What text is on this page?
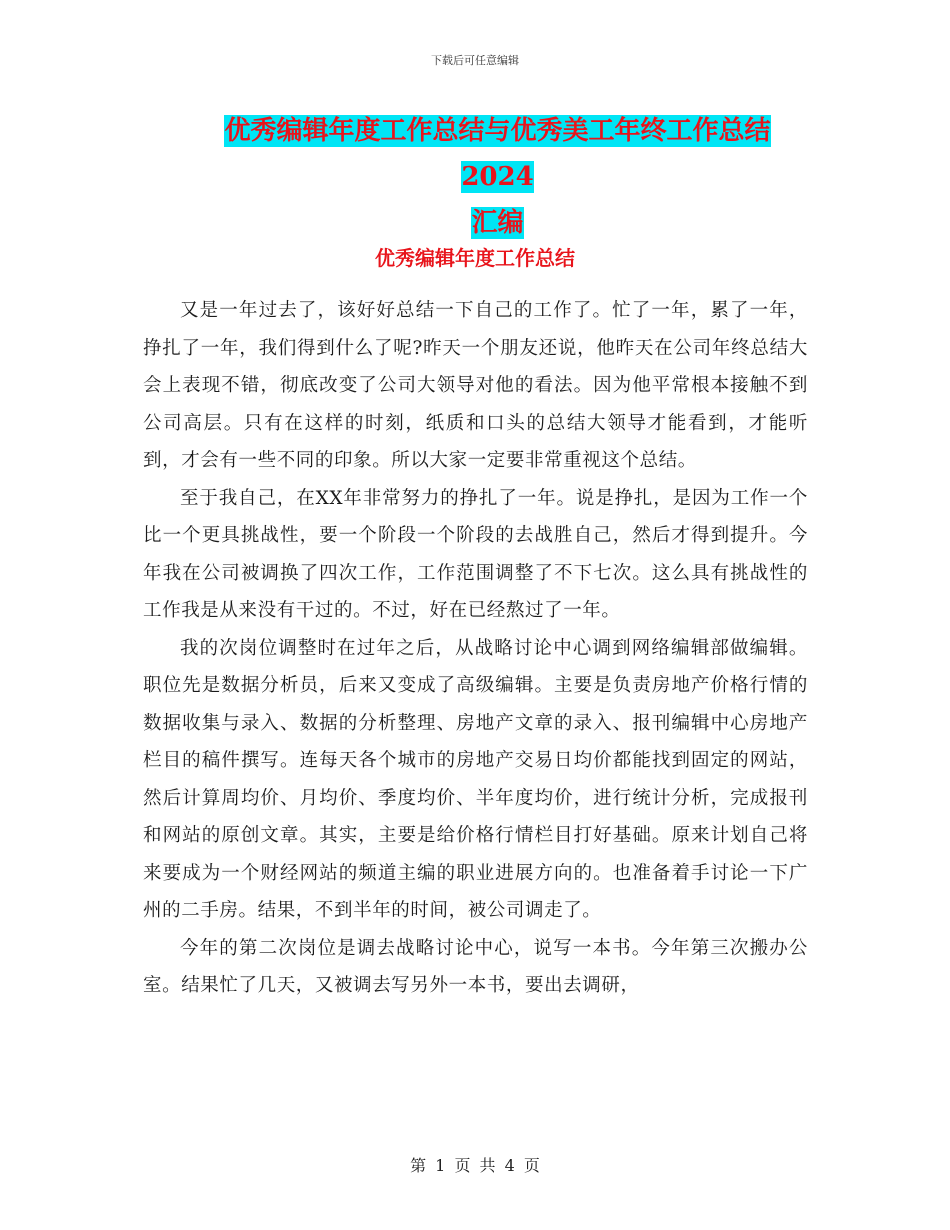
下载后可任意编辑
优秀编辑年度工作总结与优秀美工年终工作总结2024
汇编
优秀编辑年度工作总结

又是一年过去了，该好好总结一下自己的工作了。忙了一年，累了一年，挣扎了一年，我们得到什么了呢?昨天一个朋友还说，他昨天在公司年终总结大会上表现不错，彻底改变了公司大领导对他的看法。因为他平常根本接触不到公司高层。只有在这样的时刻，纸质和口头的总结大领导才能看到，才能听到，才会有一些不同的印象。所以大家一定要非常重视这个总结。

至于我自己，在XX年非常努力的挣扎了一年。说是挣扎，是因为工作一个比一个更具挑战性，要一个阶段一个阶段的去战胜自己，然后才得到提升。今年我在公司被调换了四次工作，工作范围调整了不下七次。这么具有挑战性的工作我是从来没有干过的。不过，好在已经熬过了一年。

我的次岗位调整时在过年之后，从战略讨论中心调到网络编辑部做编辑。职位先是数据分析员，后来又变成了高级编辑。主要是负责房地产价格行情的数据收集与录入、数据的分析整理、房地产文章的录入、报刊编辑中心房地产栏目的稿件撰写。连每天各个城市的房地产交易日均价都能找到固定的网站，然后计算周均价、月均价、季度均价、半年度均价，进行统计分析，完成报刊和网站的原创文章。其实，主要是给价格行情栏目打好基础。原来计划自己将来要成为一个财经网站的频道主编的职业进展方向的。也准备着手讨论一下广州的二手房。结果，不到半年的时间，被公司调走了。

今年的第二次岗位是调去战略讨论中心，说写一本书。今年第三次搬办公室。结果忙了几天，又被调去写另外一本书，要出去调研，

第 1 页 共 4 页
